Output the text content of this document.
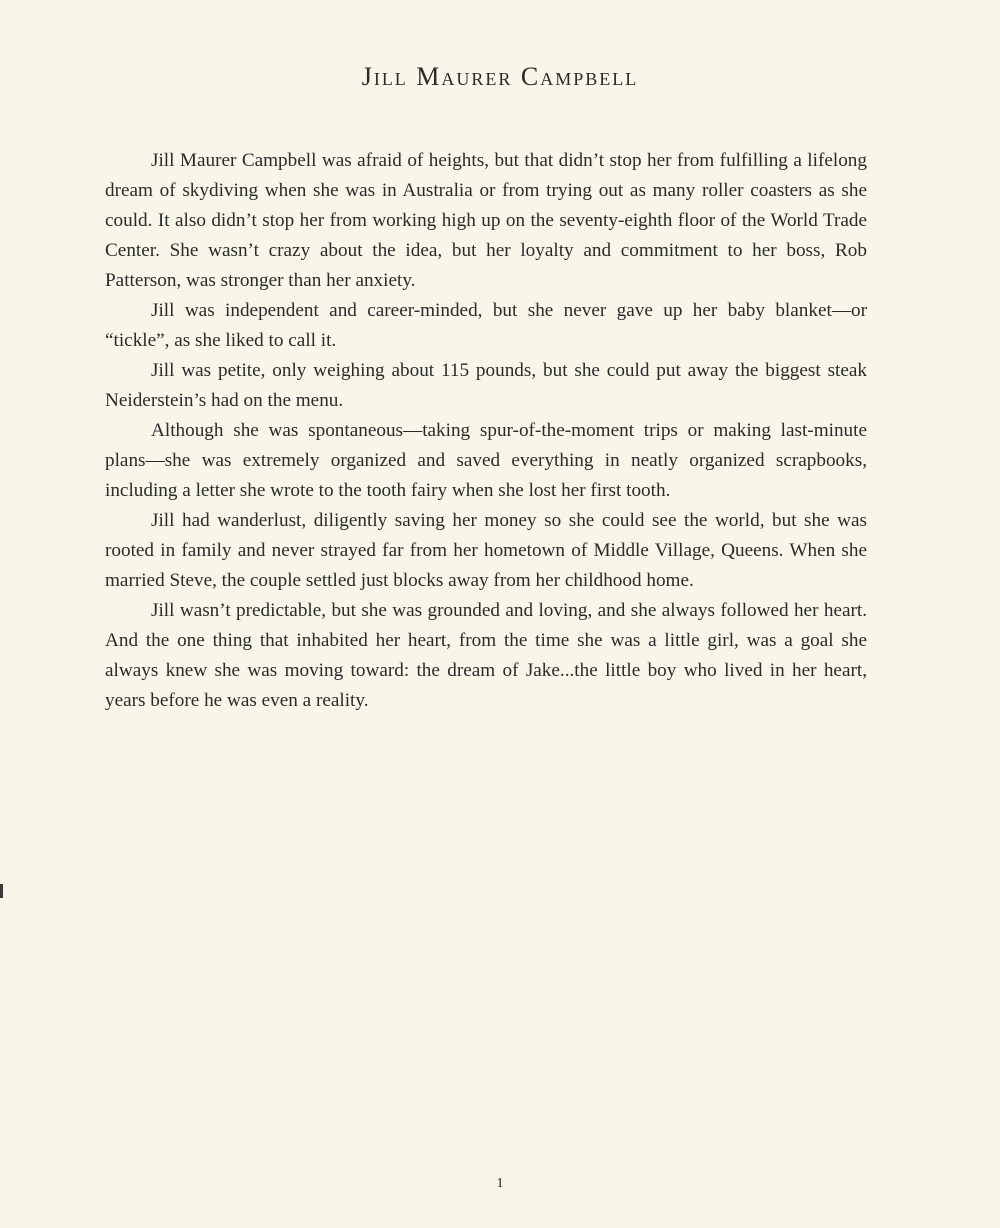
Jill Maurer Campbell

Jill Maurer Campbell was afraid of heights, but that didn’t stop her from fulfilling a lifelong dream of skydiving when she was in Australia or from trying out as many roller coasters as she could. It also didn’t stop her from working high up on the seventy-eighth floor of the World Trade Center. She wasn’t crazy about the idea, but her loyalty and commitment to her boss, Rob Patterson, was stronger than her anxiety.

Jill was independent and career-minded, but she never gave up her baby blanket—or “tickle”, as she liked to call it.

Jill was petite, only weighing about 115 pounds, but she could put away the biggest steak Neiderstein’s had on the menu.

Although she was spontaneous—taking spur-of-the-moment trips or making last-minute plans—she was extremely organized and saved everything in neatly organized scrapbooks, including a letter she wrote to the tooth fairy when she lost her first tooth.

Jill had wanderlust, diligently saving her money so she could see the world, but she was rooted in family and never strayed far from her hometown of Middle Village, Queens. When she married Steve, the couple settled just blocks away from her childhood home.

Jill wasn’t predictable, but she was grounded and loving, and she always followed her heart. And the one thing that inhabited her heart, from the time she was a little girl, was a goal she always knew she was moving toward: the dream of Jake...the little boy who lived in her heart, years before he was even a reality.

1
